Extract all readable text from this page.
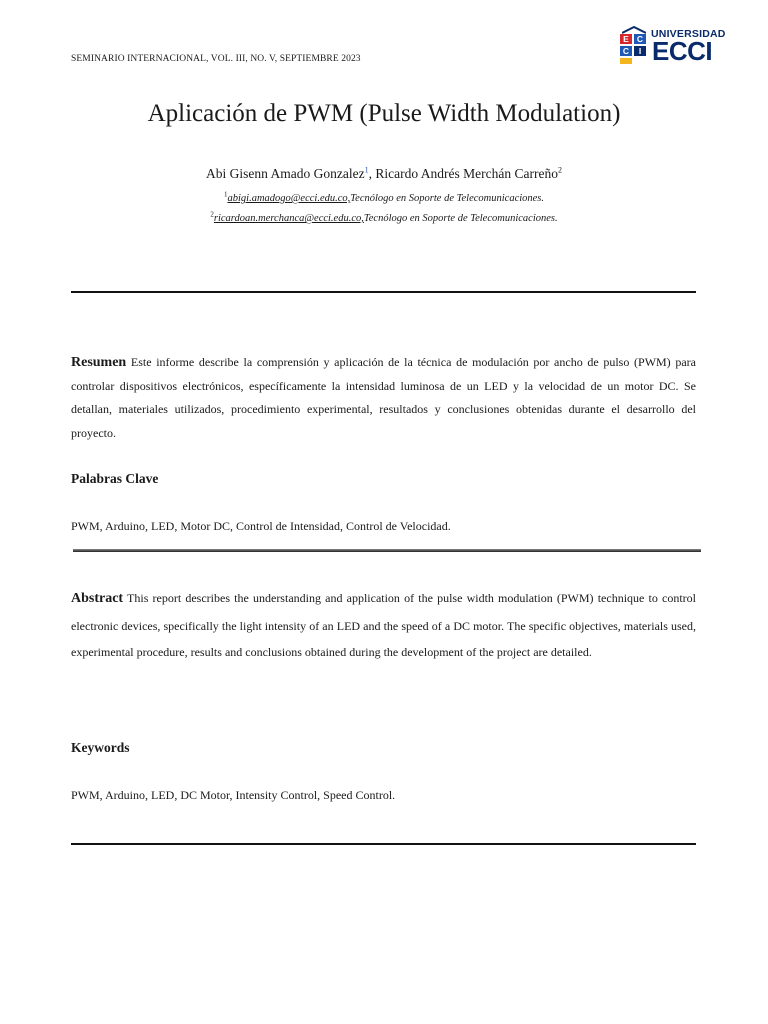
SEMINARIO INTERNACIONAL, VOL. III, NO. V, SEPTIEMBRE 2023
E C
C	I
UNIVERSIDAD
ECCI
Aplicación de PWM (Pulse Width Modulation)
Abi Gisenn Amado Gonzalez$^1$, Ricardo Andrés Merchán Carreño$^2$
$^1$abigi.amadogo@ecci.edu.co,Tecnólogo en Soporte de Telecomunicaciones.
$^2$ricardoan.merchanca@ecci.edu.co,Tecnólogo en Soporte de Telecomunicaciones.
Resumen Este informe describe la comprensión y aplicación de la técnica de modulación por ancho de pulso (PWM) para controlar dispositivos electrónicos, específicamente la intensidad luminosa de un LED y la velocidad de un motor DC. Se detallan, materiales utilizados, procedimiento experimental, resultados y conclusiones obtenidas durante el desarrollo del proyecto.
Palabras Clave
PWM, Arduino, LED, Motor DC, Control de Intensidad, Control de Velocidad.
Abstract This report describes the understanding and application of the pulse width modulation (PWM) technique to control electronic devices, specifically the light intensity of an LED and the speed of a DC motor. The specific objectives, materials used, experimental procedure, results and conclusions obtained during the development of the project are detailed.
Keywords
PWM, Arduino, LED, DC Motor, Intensity Control, Speed Control.
